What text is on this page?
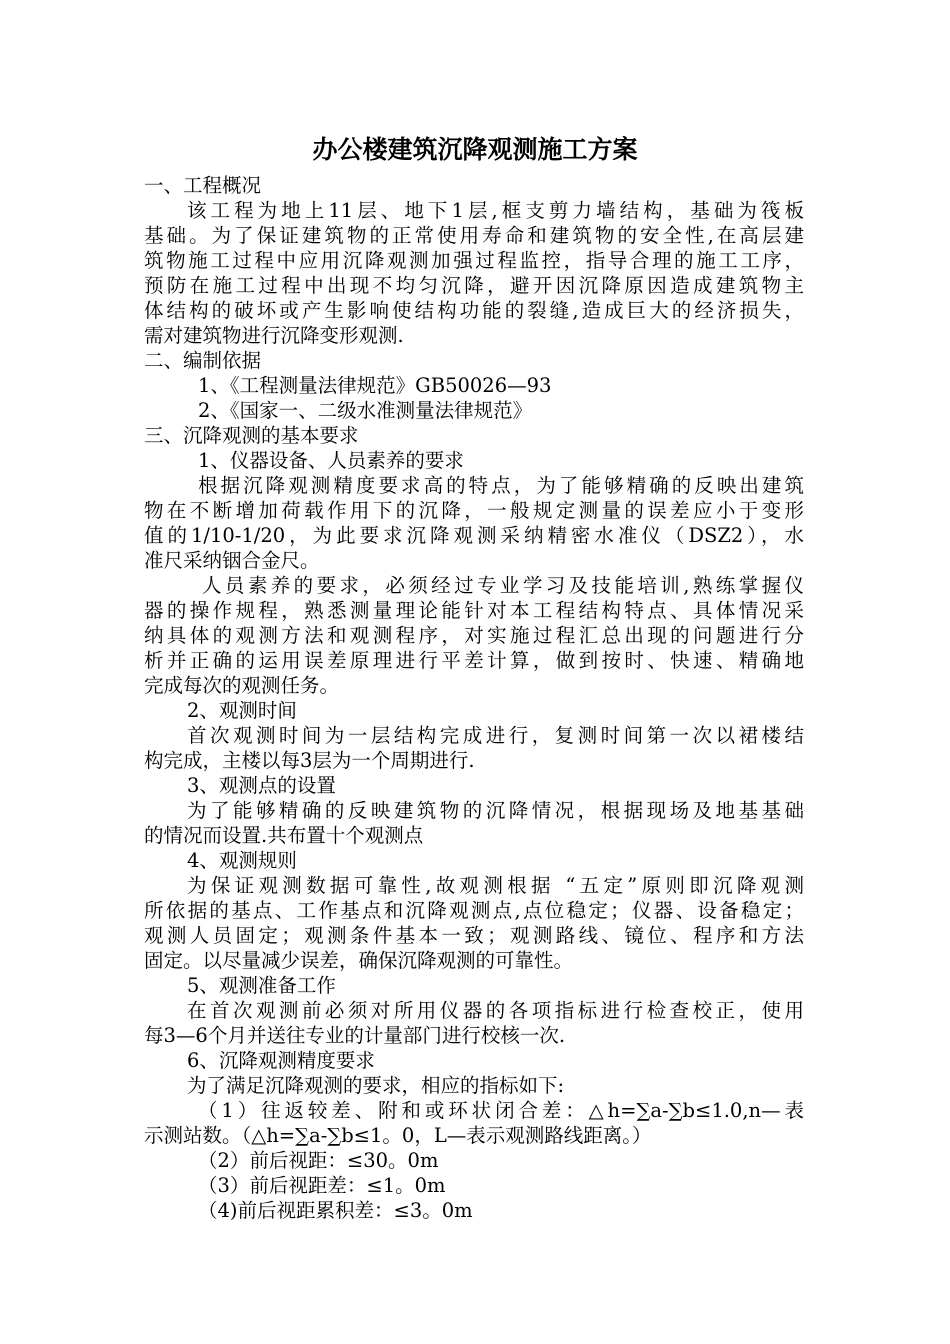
办公楼建筑沉降观测施工方案
一、工程概况
该工程为地上11层、地下1层,框支剪力墙结构，基础为筏板
基础。为了保证建筑物的正常使用寿命和建筑物的安全性,在高层建
筑物施工过程中应用沉降观测加强过程监控，指导合理的施工工序，
预防在施工过程中出现不均匀沉降，避开因沉降原因造成建筑物主
体结构的破坏或产生影响使结构功能的裂缝,造成巨大的经济损失，
需对建筑物进行沉降变形观测.
二、编制依据
1、《工程测量法律规范》GB50026—93
2、《国家一、二级水准测量法律规范》
三、沉降观测的基本要求
1、仪器设备、人员素养的要求
根据沉降观测精度要求高的特点，为了能够精确的反映出建筑
物在不断增加荷载作用下的沉降，一般规定测量的误差应小于变形
值的1/10-1/20，为此要求沉降观测采纳精密水准仪（DSZ2），水
准尺采纳铟合金尺。
人员素养的要求，必须经过专业学习及技能培训,熟练掌握仪
器的操作规程，熟悉测量理论能针对本工程结构特点、具体情况采
纳具体的观测方法和观测程序，对实施过程汇总出现的问题进行分
析并正确的运用误差原理进行平差计算，做到按时、快速、精确地
完成每次的观测任务。
2、观测时间
首次观测时间为一层结构完成进行，复测时间第一次以裙楼结
构完成，主楼以每3层为一个周期进行.
3、观测点的设置
为了能够精确的反映建筑物的沉降情况，根据现场及地基基础
的情况而设置.共布置十个观测点
4、观测规则
为保证观测数据可靠性,故观测根据 “五定”原则即沉降观测
所依据的基点、工作基点和沉降观测点,点位稳定；仪器、设备稳定；
观测人员固定；观测条件基本一致；观测路线、镜位、程序和方法
固定。以尽量减少误差，确保沉降观测的可靠性。
5、观测准备工作
在首次观测前必须对所用仪器的各项指标进行检查校正，使用
每3—6个月并送往专业的计量部门进行校核一次.
6、沉降观测精度要求
为了满足沉降观测的要求，相应的指标如下:
（1）往返较差、附和或环状闭合差：△h=∑a-∑b≤1.0,n—表
示测站数。（△h=∑a-∑b≤1。0，L—表示观测路线距离。）
（2）前后视距：≤30。0m
（3）前后视距差：≤1。0m
（4)前后视距累积差：≤3。0m
